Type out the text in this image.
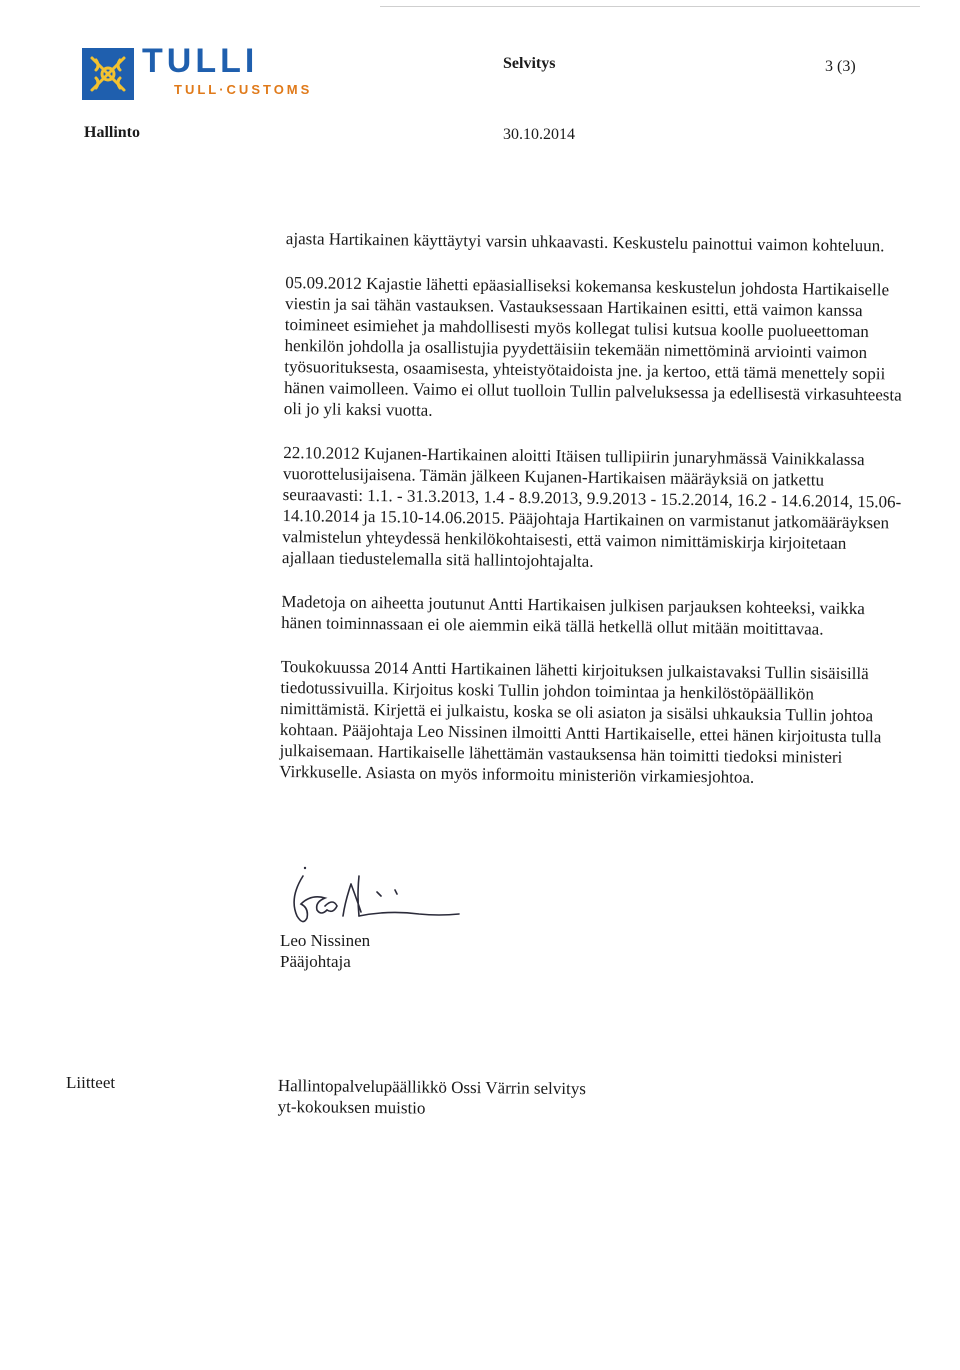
TULLI
TULL·CUSTOMS
Selvitys	3 (3)
Hallinto	30.10.2014

ajasta Hartikainen käyttäytyi varsin uhkaavasti. Keskustelu painottui vaimon kohteluun.

05.09.2012 Kajastie lähetti epäasialliseksi kokemansa keskustelun johdosta Hartikaiselle viestin ja sai tähän vastauksen. Vastauksessaan Hartikainen esitti, että vaimon kanssa toimineet esimiehet ja mahdollisesti myös kollegat tulisi kutsua koolle puolueettoman henkilön johdolla ja osallistujia pyydettäisiin tekemään nimettöminä arviointi vaimon työsuorituksesta, osaamisesta, yhteistyötaidoista jne. ja kertoo, että tämä menettely sopii hänen vaimolleen. Vaimo ei ollut tuolloin Tullin palveluksessa ja edellisestä virkasuhteesta oli jo yli kaksi vuotta.

22.10.2012 Kujanen-Hartikainen aloitti Itäisen tullipiirin junaryhmässä Vainikkalassa vuorottelusijaisena. Tämän jälkeen Kujanen-Hartikaisen määräyksiä on jatkettu seuraavasti: 1.1. - 31.3.2013, 1.4 - 8.9.2013, 9.9.2013 - 15.2.2014, 16.2 - 14.6.2014, 15.06-14.10.2014 ja 15.10-14.06.2015. Pääjohtaja Hartikainen on varmistanut jatkomääräyksen valmistelun yhteydessä henkilökohtaisesti, että vaimon nimittämiskirja kirjoitetaan ajallaan tiedustelemalla sitä hallintojohtajalta.

Madetoja on aiheetta joutunut Antti Hartikaisen julkisen parjauksen kohteeksi, vaikka hänen toiminnassaan ei ole aiemmin eikä tällä hetkellä ollut mitään moitittavaa.

Toukokuussa 2014 Antti Hartikainen lähetti kirjoituksen julkaistavaksi Tullin sisäisillä tiedotussivuilla. Kirjoitus koski Tullin johdon toimintaa ja henkilöstöpäällikön nimittämistä. Kirjettä ei julkaistu, koska se oli asiaton ja sisälsi uhkauksia Tullin johtoa kohtaan. Pääjohtaja Leo Nissinen ilmoitti Antti Hartikaiselle, ettei hänen kirjoitusta tulla julkaisemaan. Hartikaiselle lähettämän vastauksensa hän toimitti tiedoksi ministeri Virkkuselle. Asiasta on myös informoitu ministeriön virkamiesjohtoa.

Leo Nissinen
Pääjohtaja
Liitteet	Hallintopalvelupäällikkö Ossi Värrin selvitys
yt-kokouksen muistio
